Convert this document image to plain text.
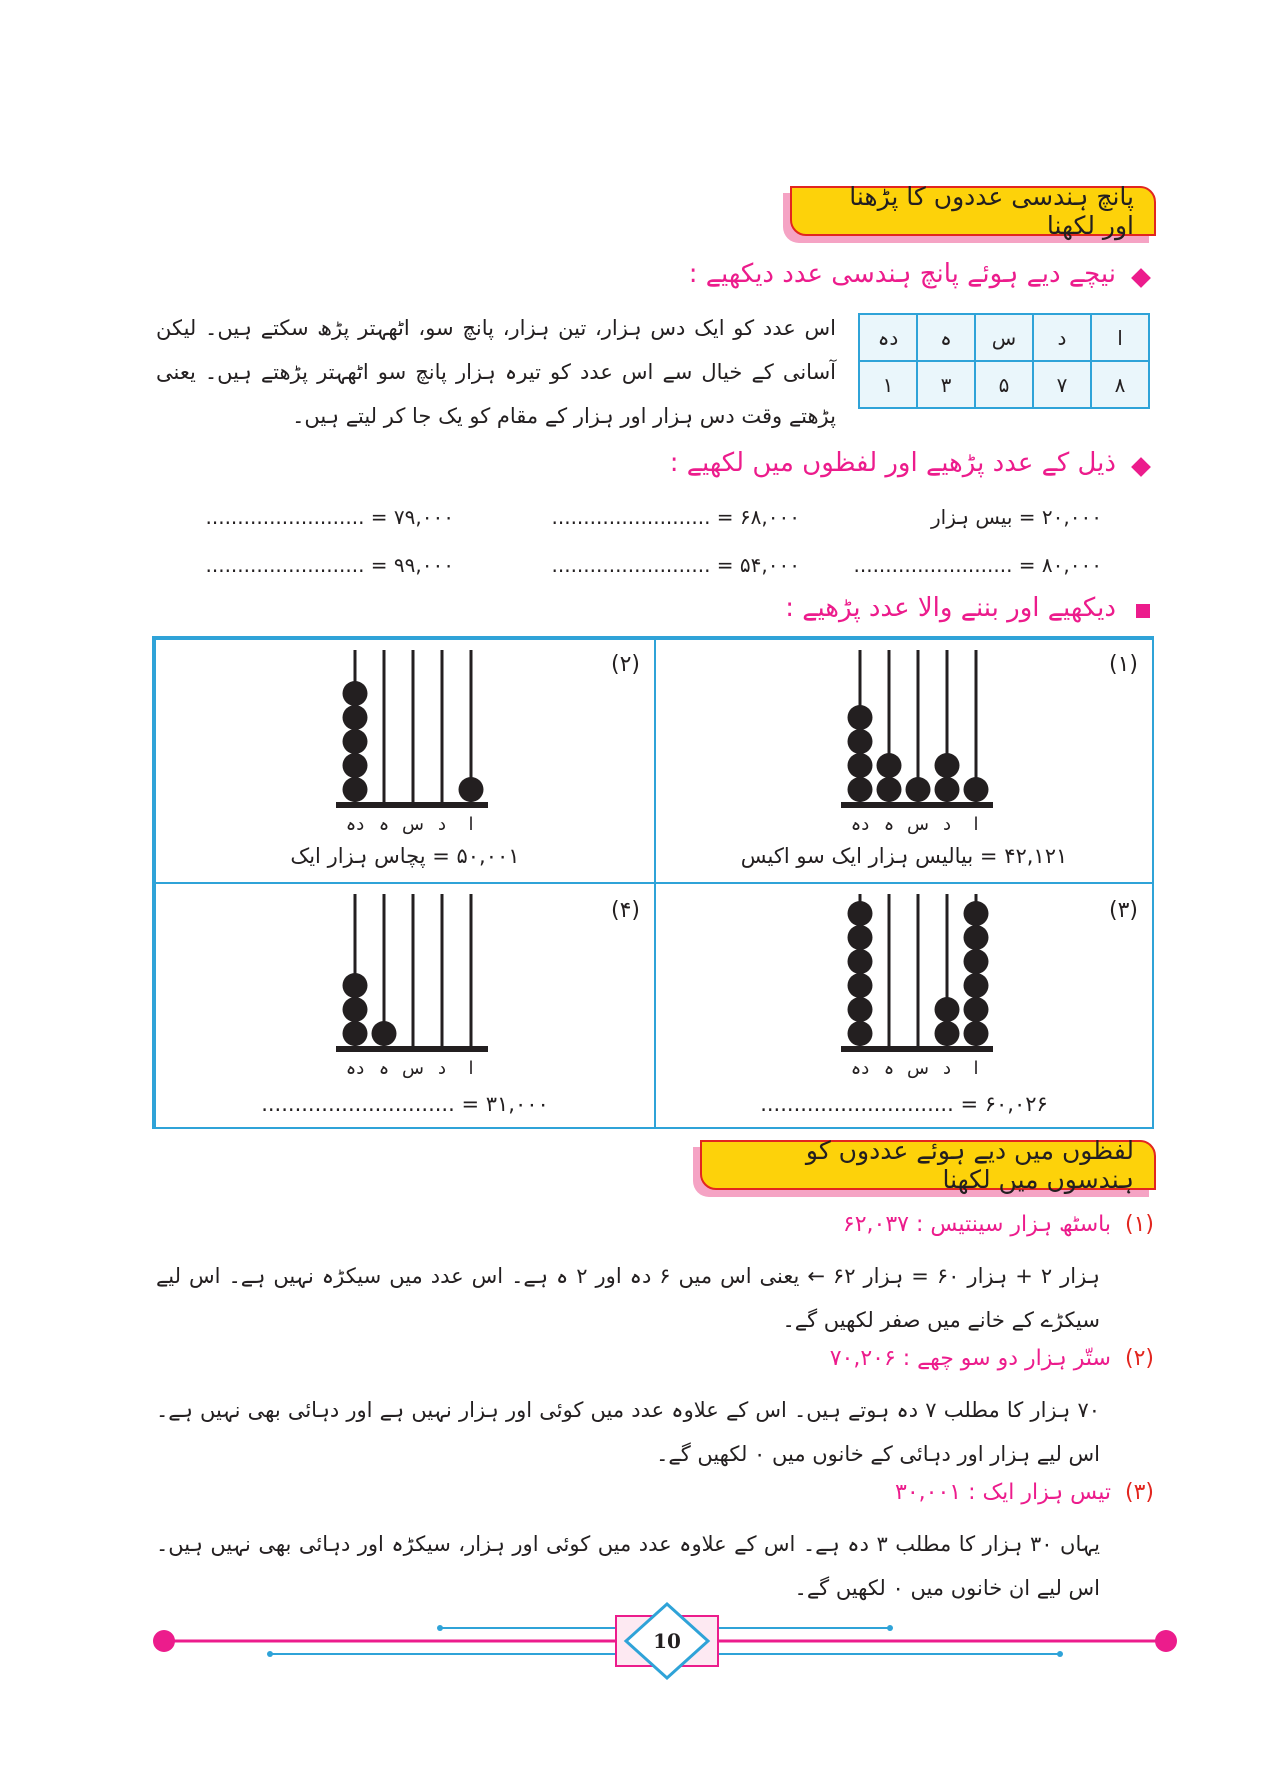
پانچ ہندسی عددوں کا پڑھنا اور لکھنا
نیچے دیے ہوئے پانچ ہندسی عدد دیکھیے :
ا	د	س	ہ	دہ
۸	۷	۵	۳	۱
اس عدد کو ایک دس ہزار، تین ہزار، پانچ سو، اٹھہتر پڑھ سکتے ہیں۔ لیکن آسانی کے خیال سے اس عدد کو تیرہ ہزار پانچ سو اٹھہتر پڑھتے ہیں۔ یعنی پڑھتے وقت دس ہزار اور ہزار کے مقام کو یک جا کر لیتے ہیں۔
ذیل کے عدد پڑھیے اور لفظوں میں لکھیے :
۲۰,۰۰۰ = بیس ہزار
۶۸,۰۰۰ = .........................
۷۹,۰۰۰ = .........................
۸۰,۰۰۰ = .........................
۵۴,۰۰۰ = .........................
۹۹,۰۰۰ = .........................
دیکھیے اور بننے والا عدد پڑھیے :
(۱)
ا
د
س
ہ
دہ
۴۲,۱۲۱ = بیالیس ہزار ایک سو اکیس
(۲)
ا
د
س
ہ
دہ
۵۰,۰۰۱ = پچاس ہزار ایک
(۳)
ا
د
س
ہ
دہ
۶۰,۰۲۶ = .............................
(۴)
ا
د
س
ہ
دہ
۳۱,۰۰۰ = .............................
لفظوں میں دیے ہوئے عددوں کو ہندسوں میں لکھنا
(۱)  باسٹھ ہزار سینتیس : ۶۲,۰۳۷
ہزار ۲ + ہزار ۶۰ = ہزار ۶۲ ← یعنی اس میں ۶ دہ اور ۲ ہ ہے۔ اس عدد میں سیکڑہ نہیں ہے۔ اس لیے سیکڑے کے خانے میں صفر لکھیں گے۔
(۲)  ستّر ہزار دو سو چھے : ۷۰,۲۰۶
۷۰ ہزار کا مطلب ۷ دہ ہوتے ہیں۔ اس کے علاوہ عدد میں کوئی اور ہزار نہیں ہے اور دہائی بھی نہیں ہے۔ اس لیے ہزار اور دہائی کے خانوں میں ۰ لکھیں گے۔
(۳)  تیس ہزار ایک : ۳۰,۰۰۱
یہاں ۳۰ ہزار کا مطلب ۳ دہ ہے۔ اس کے علاوہ عدد میں کوئی اور ہزار، سیکڑہ اور دہائی بھی نہیں ہیں۔ اس لیے ان خانوں میں ۰ لکھیں گے۔
10
